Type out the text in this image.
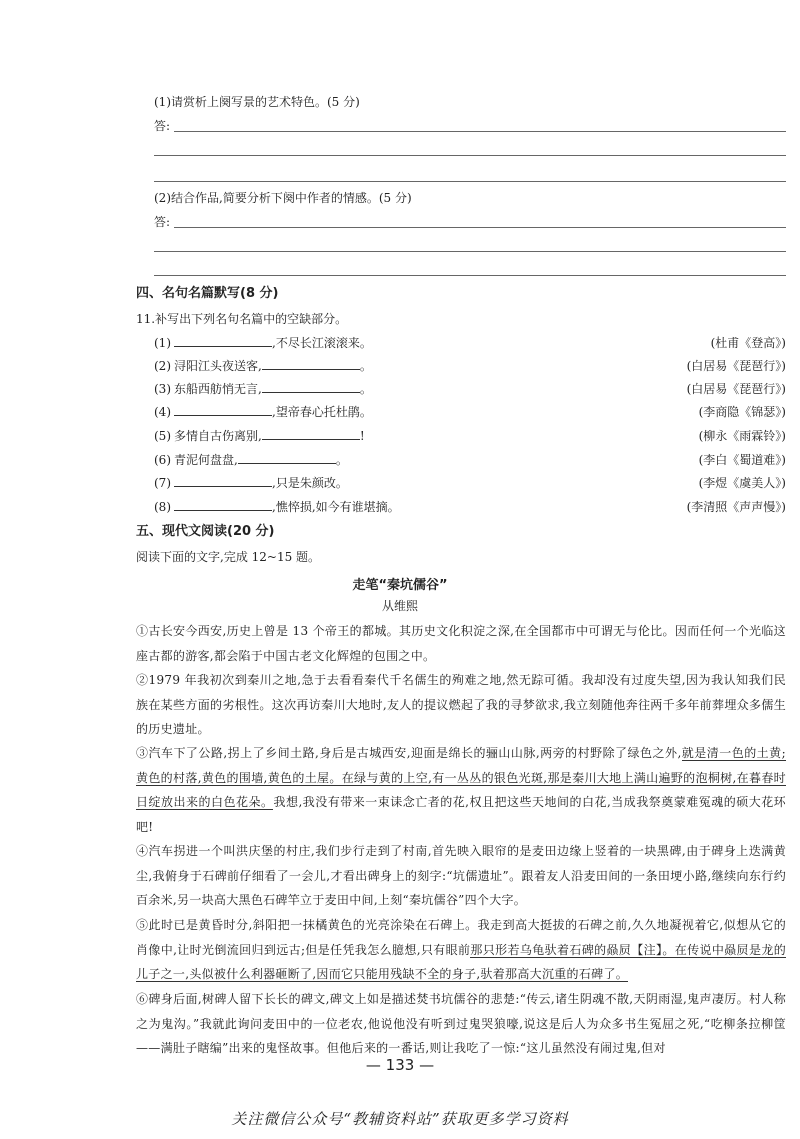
(1)请赏析上阕写景的艺术特色。(5 分)
答:
(2)结合作品,简要分析下阕中作者的情感。(5 分)
答:
四、名句名篇默写(8 分)
11.补写出下列名句名篇中的空缺部分。
(1)	,不尽长江滚滚来。	(杜甫《登高》)
(2) 浔阳江头夜送客,	。	(白居易《琵琶行》)
(3) 东船西舫悄无言,	。	(白居易《琵琶行》)
(4)	,望帝春心托杜鹃。	(李商隐《锦瑟》)
(5) 多情自古伤离别,	!	(柳永《雨霖铃》)
(6) 青泥何盘盘,	。	(李白《蜀道难》)
(7)	,只是朱颜改。	(李煜《虞美人》)
(8)	,憔悴损,如今有谁堪摘。	(李清照《声声慢》)
五、现代文阅读(20 分)
阅读下面的文字,完成 12~15 题。
走笔“秦坑儒谷”
从维熙
①古长安今西安,历史上曾是 13 个帝王的都城。其历史文化积淀之深,在全国都市中可谓无与伦比。因而任何一个光临这座古都的游客,都会陷于中国古老文化辉煌的包围之中。
②1979 年我初次到秦川之地,急于去看看秦代千名儒生的殉难之地,然无踪可循。我却没有过度失望,因为我认知我们民族在某些方面的劣根性。这次再访秦川大地时,友人的提议燃起了我的寻梦欲求,我立刻随他奔往两千多年前葬埋众多儒生的历史遗址。
③汽车下了公路,拐上了乡间土路,身后是古城西安,迎面是绵长的骊山山脉,两旁的村野除了绿色之外,就是清一色的土黄;黄色的村落,黄色的围墙,黄色的土屋。在绿与黄的上空,有一丛丛的银色光斑,那是秦川大地上满山遍野的泡桐树,在暮春时日绽放出来的白色花朵。我想,我没有带来一束诔念亡者的花,权且把这些天地间的白花,当成我祭奠蒙难冤魂的硕大花环吧!
④汽车拐进一个叫洪庆堡的村庄,我们步行走到了村南,首先映入眼帘的是麦田边缘上竖着的一块黑碑,由于碑身上迭满黄尘,我俯身于石碑前仔细看了一会儿,才看出碑身上的刻字:“坑儒遗址”。跟着友人沿麦田间的一条田埂小路,继续向东行约百余米,另一块高大黑色石碑竿立于麦田中间,上刻“秦坑儒谷”四个大字。
⑤此时已是黄昏时分,斜阳把一抹橘黄色的光亮涂染在石碑上。我走到高大挺拔的石碑之前,久久地凝视着它,似想从它的肖像中,让时光倒流回归到远古;但是任凭我怎么臆想,只有眼前那只形若乌龟驮着石碑的赑屃【注】。在传说中赑屃是龙的儿子之一,头似被什么利器砸断了,因而它只能用残缺不全的身子,驮着那高大沉重的石碑了。
⑥碑身后面,树碑人留下长长的碑文,碑文上如是描述焚书坑儒谷的悲楚:“传云,诸生阴魂不散,天阴雨湿,鬼声凄厉。村人称之为鬼沟。”我就此询问麦田中的一位老农,他说他没有听到过鬼哭狼嚎,说这是后人为众多书生冤屈之死,“吃柳条拉柳筐——满肚子瞎编”出来的鬼怪故事。但他后来的一番话,则让我吃了一惊:“这儿虽然没有闹过鬼,但对
— 133 —
关注微信公众号“教辅资料站”获取更多学习资料
